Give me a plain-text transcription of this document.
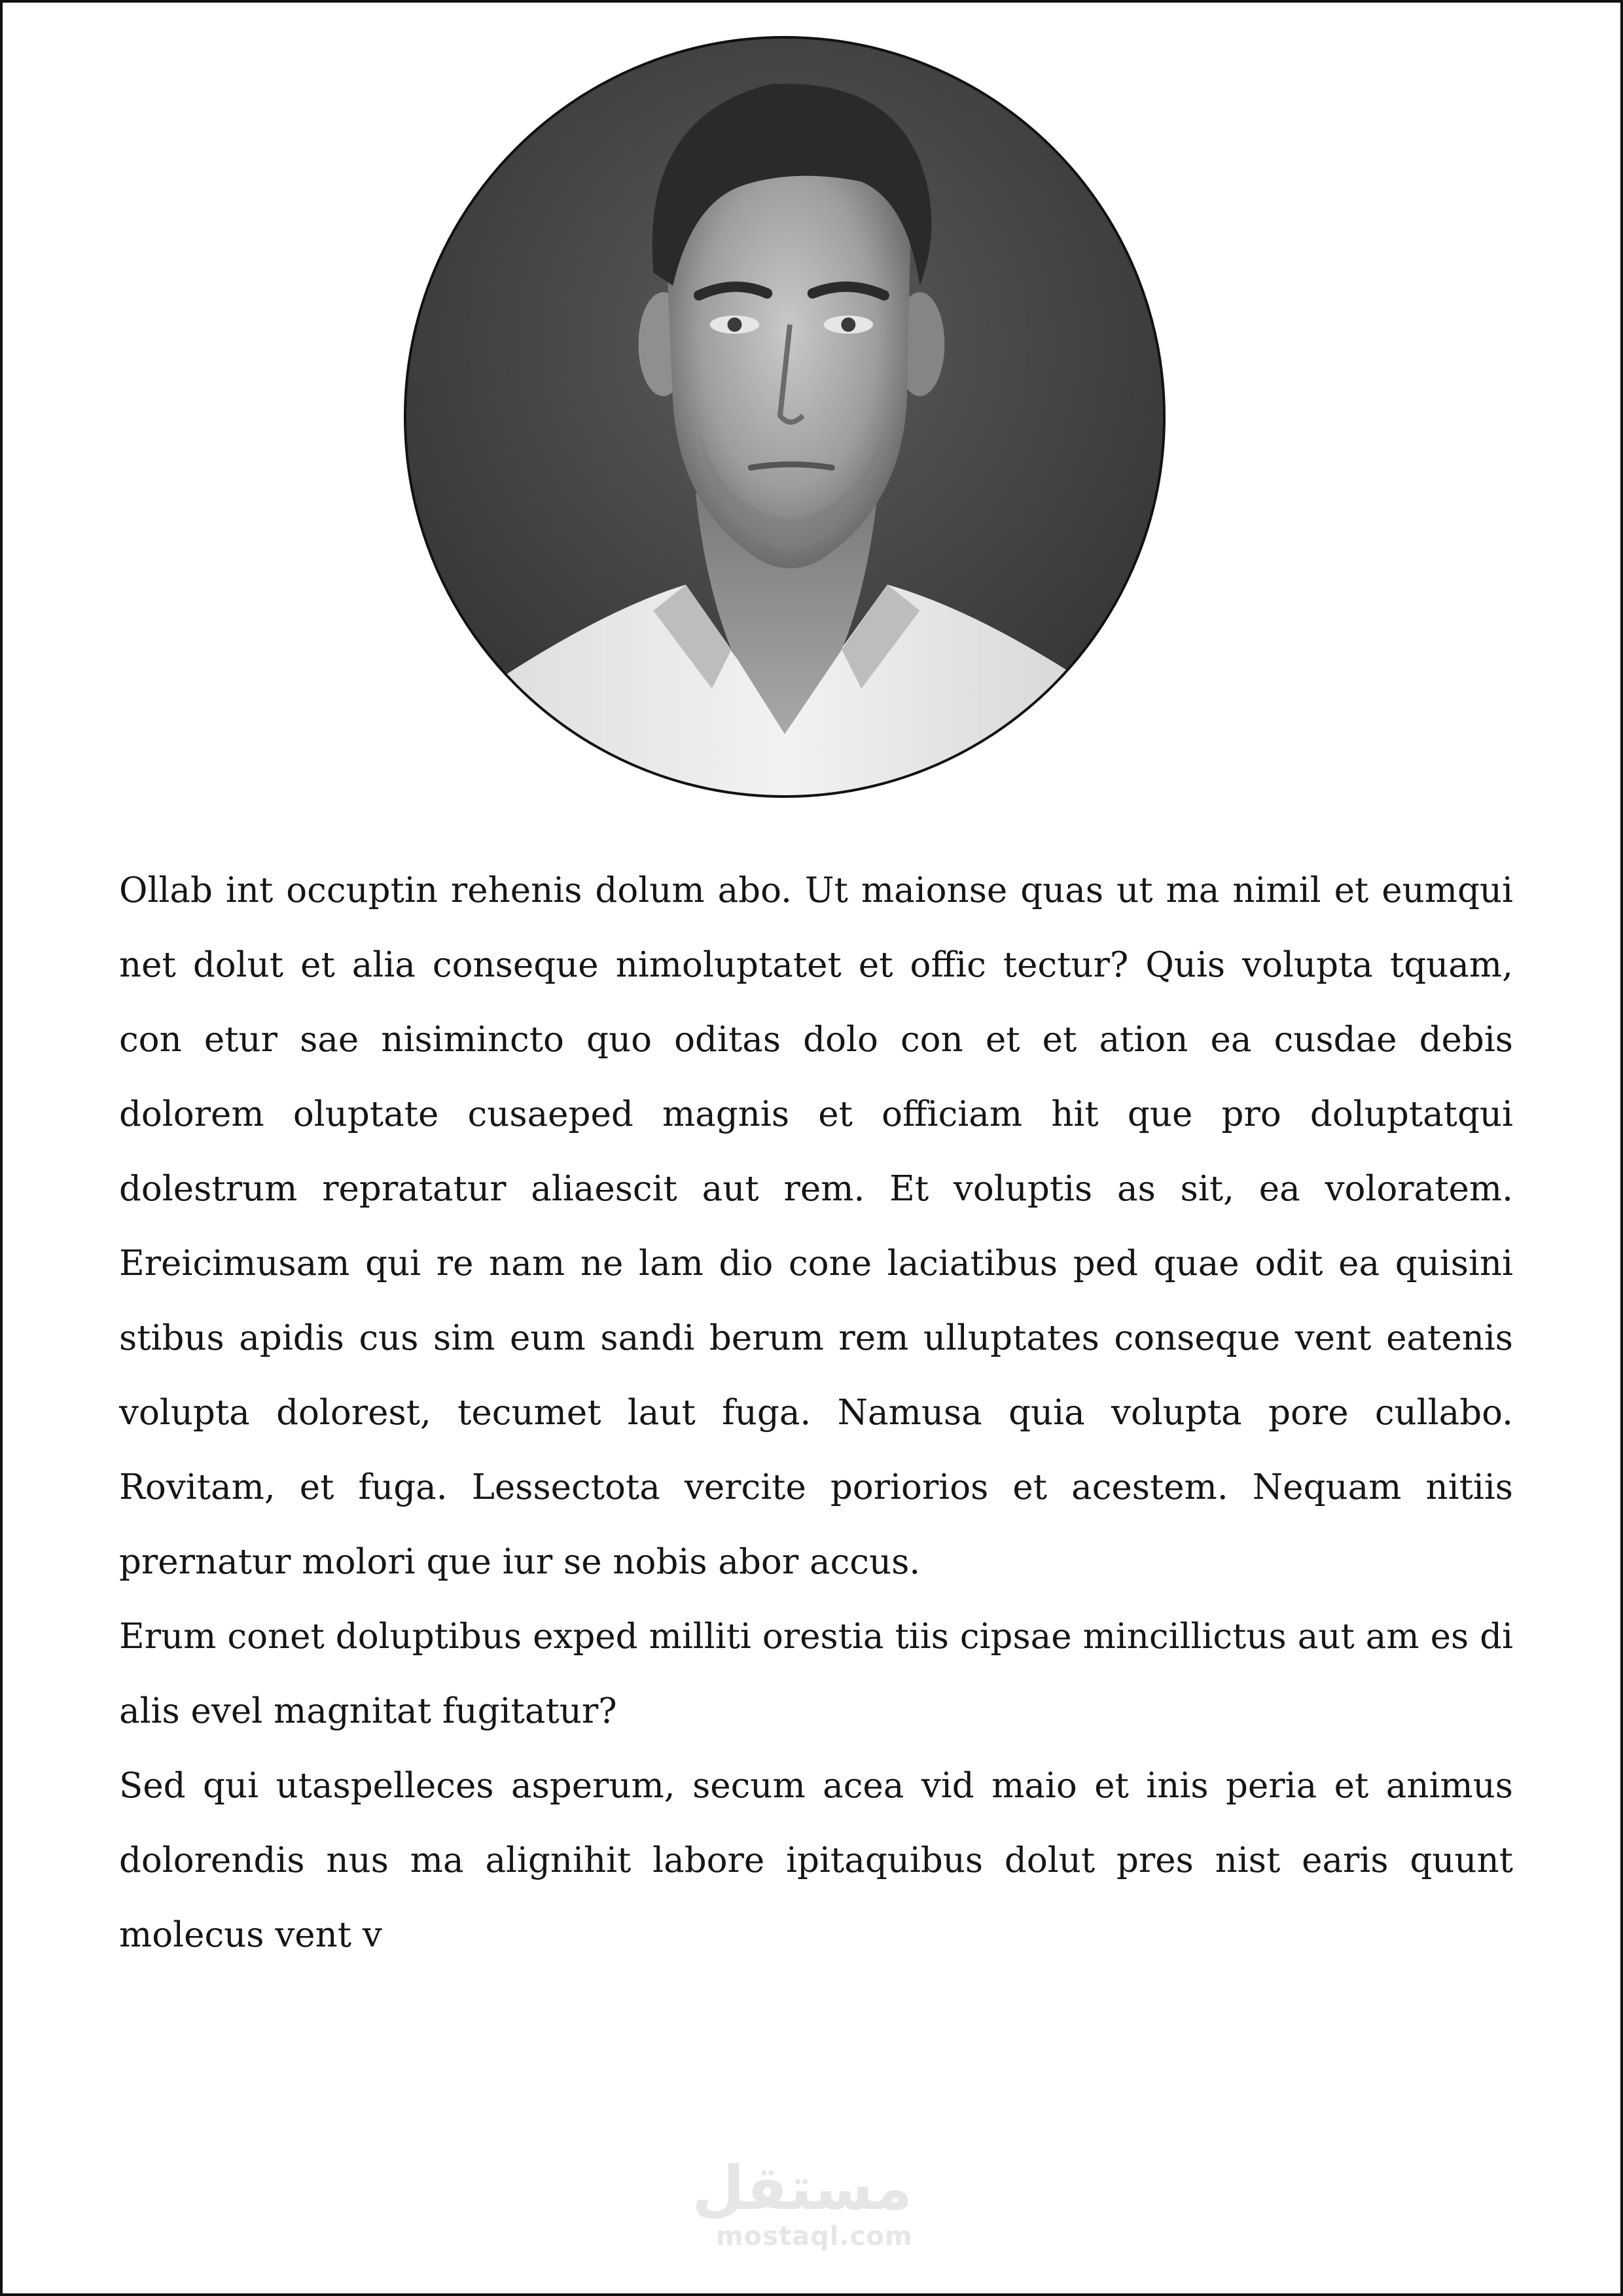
Ollab int occuptin rehenis dolum abo. Ut maionse quas ut ma nimil et eumqui net dolut et alia conseque nimoluptatet et offic tectur? Quis volupta tquam, con etur sae nisimincto quo oditas dolo con et et ation ea cusdae debis dolorem oluptate cusaeped magnis et officiam hit que pro doluptatqui dolestrum repratatur aliaescit aut rem. Et voluptis as sit, ea voloratem. Ereicimusam qui re nam ne lam dio cone laciatibus ped quae odit ea quisini stibus apidis cus sim eum sandi berum rem ulluptates conseque vent eatenis volupta dolorest, tecumet laut fuga. Namusa quia volupta pore cullabo. Rovitam, et fuga. Lessectota vercite poriorios et acestem. Nequam nitiis prernatur molori que iur se nobis abor accus.

Erum conet doluptibus exped milliti orestia tiis cipsae mincillictus aut am es di alis evel magnitat fugitatur?

Sed qui utaspelleces asperum, secum acea vid maio et inis peria et animus dolorendis nus ma alignihit labore ipitaquibus dolut pres nist earis quunt molecus vent v

مستقل
mostaql.com
